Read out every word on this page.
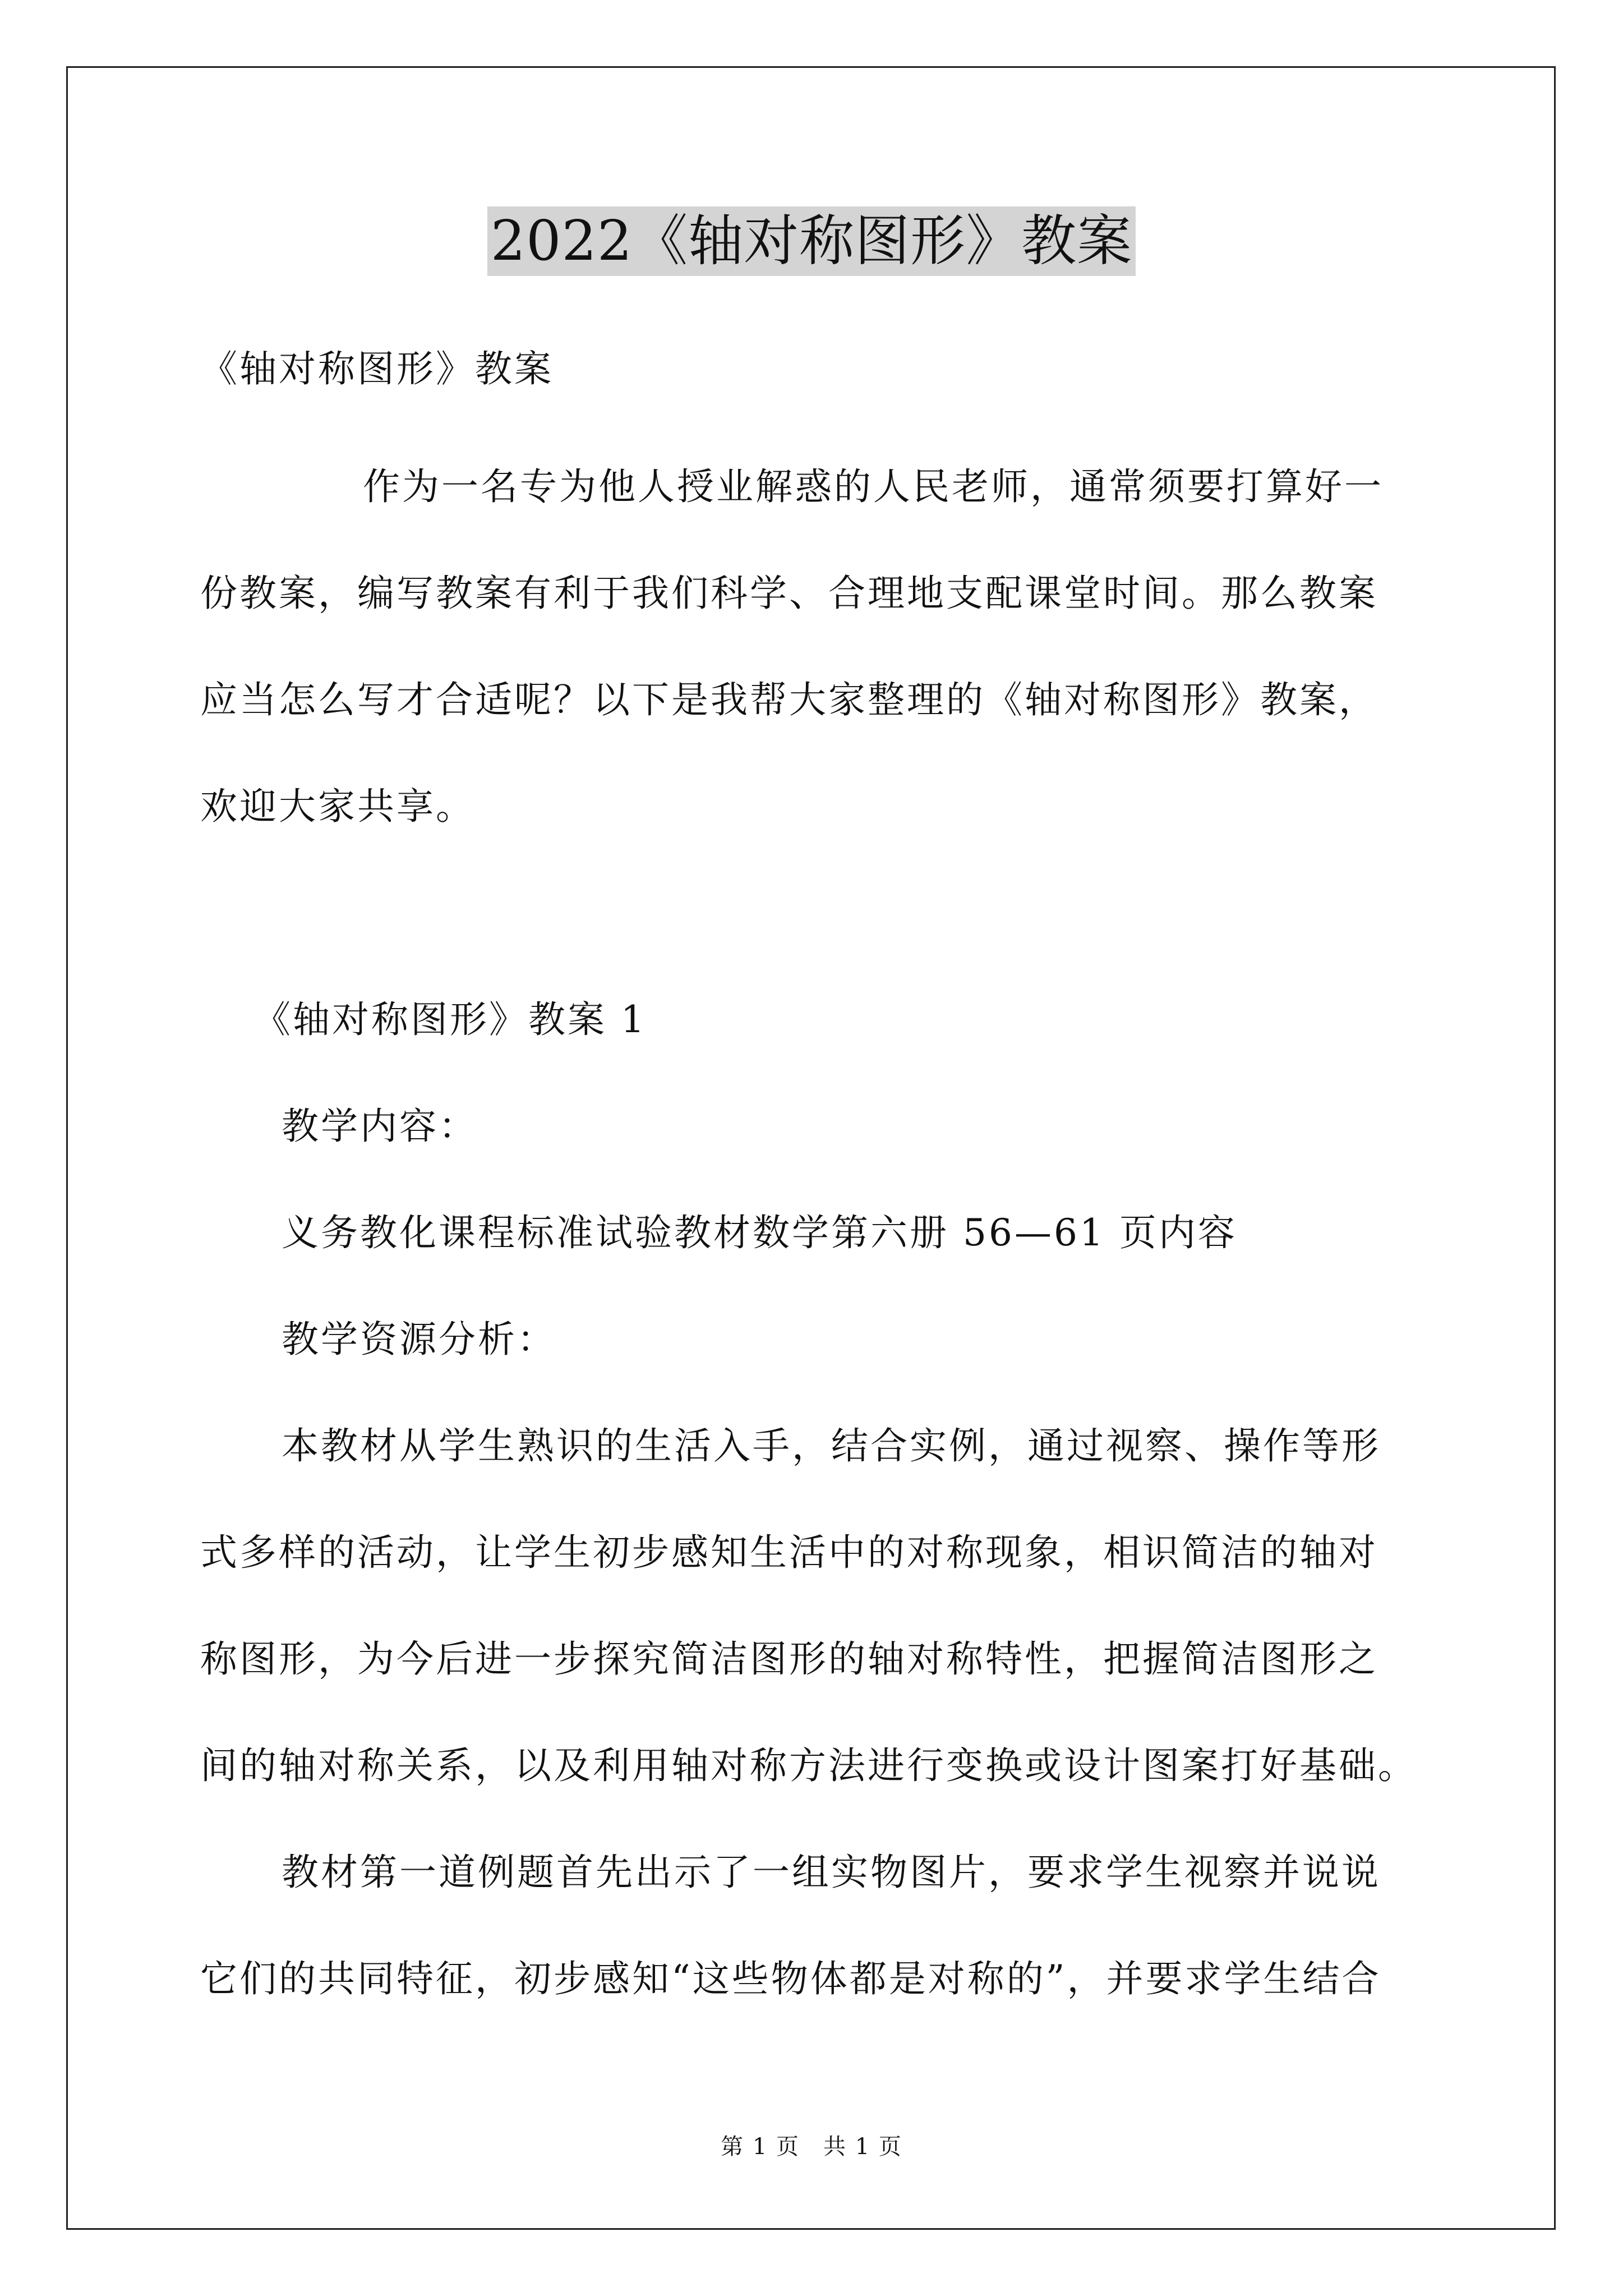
2022《轴对称图形》教案

《轴对称图形》教案

作为一名专为他人授业解惑的人民老师，通常须要打算好一

份教案，编写教案有利于我们科学、合理地支配课堂时间。那么教案

应当怎么写才合适呢？以下是我帮大家整理的《轴对称图形》教案，

欢迎大家共享。

《轴对称图形》教案 1

教学内容：

义务教化课程标准试验教材数学第六册 56—61 页内容

教学资源分析：

本教材从学生熟识的生活入手，结合实例，通过视察、操作等形

式多样的活动，让学生初步感知生活中的对称现象，相识简洁的轴对

称图形，为今后进一步探究简洁图形的轴对称特性，把握简洁图形之

间的轴对称关系，以及利用轴对称方法进行变换或设计图案打好基础。

教材第一道例题首先出示了一组实物图片，要求学生视察并说说

它们的共同特征，初步感知“这些物体都是对称的”，并要求学生结合

第 1 页　共 1 页
